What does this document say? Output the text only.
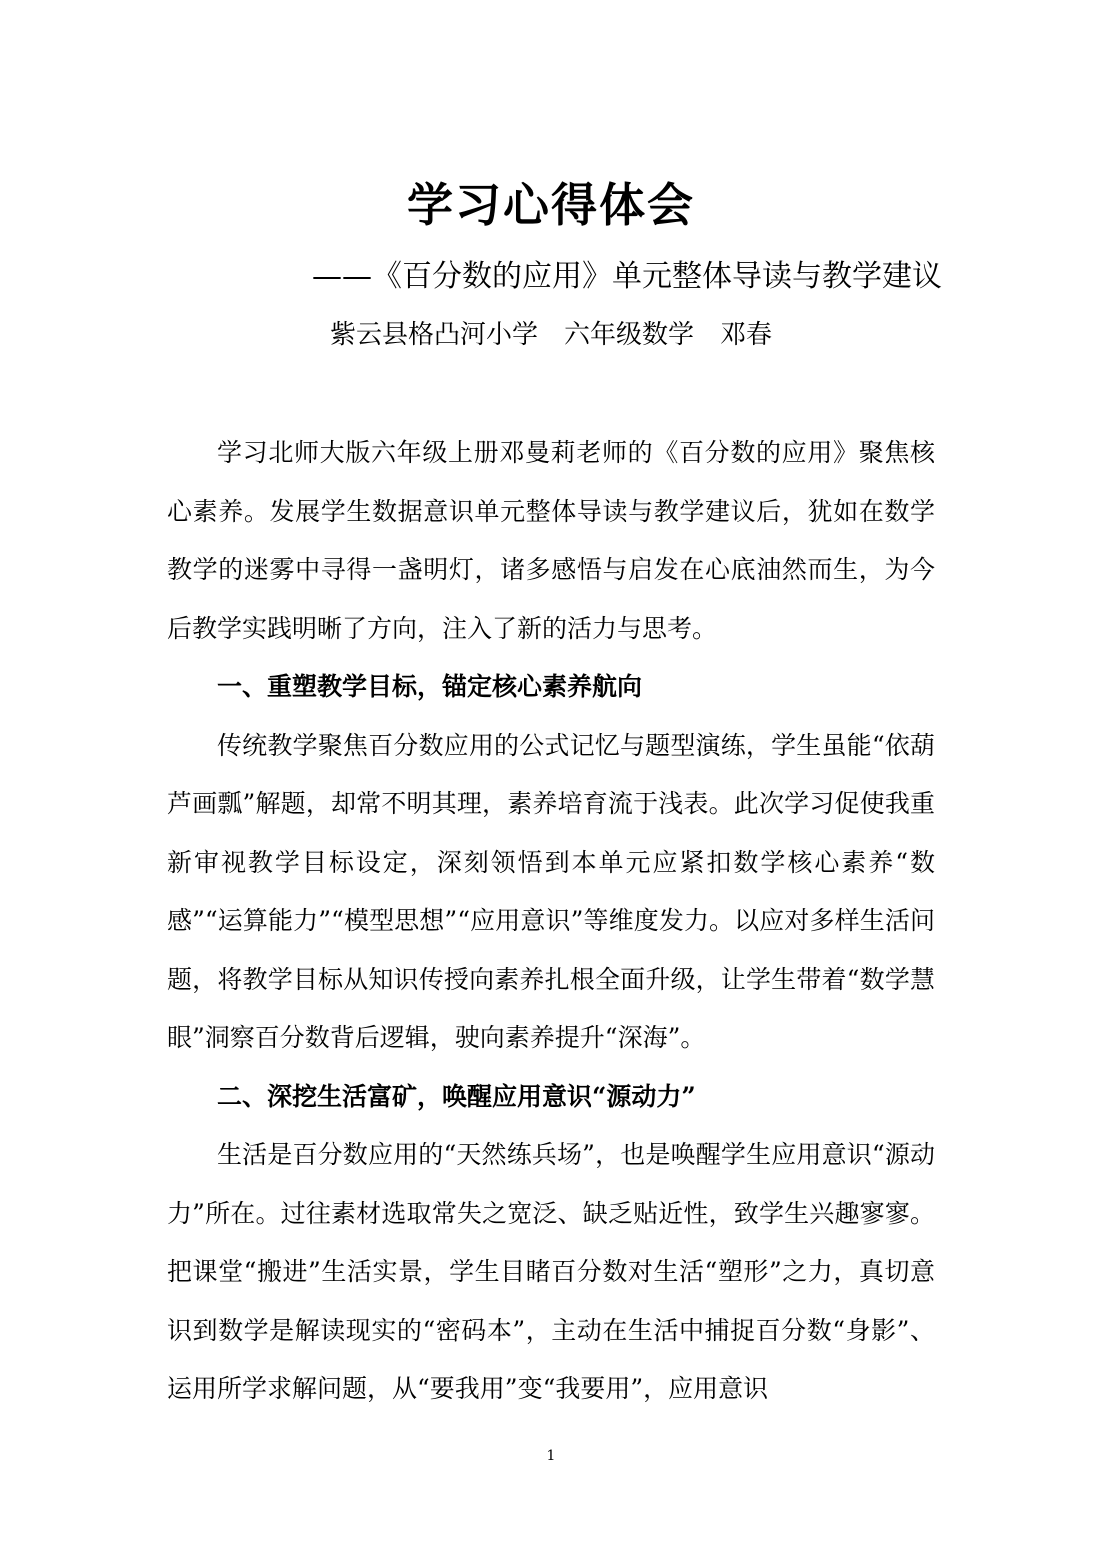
学习心得体会
——《百分数的应用》单元整体导读与教学建议
紫云县格凸河小学　六年级数学　邓春

学习北师大版六年级上册邓曼莉老师的《百分数的应用》聚焦核心素养。发展学生数据意识单元整体导读与教学建议后，犹如在数学教学的迷雾中寻得一盏明灯，诸多感悟与启发在心底油然而生，为今后教学实践明晰了方向，注入了新的活力与思考。

一、重塑教学目标，锚定核心素养航向

传统教学聚焦百分数应用的公式记忆与题型演练，学生虽能“依葫芦画瓢”解题，却常不明其理，素养培育流于浅表。此次学习促使我重新审视教学目标设定，深刻领悟到本单元应紧扣数学核心素养“数感”“运算能力”“模型思想”“应用意识”等维度发力。以应对多样生活问题，将教学目标从知识传授向素养扎根全面升级，让学生带着“数学慧眼”洞察百分数背后逻辑，驶向素养提升“深海”。

二、深挖生活富矿，唤醒应用意识“源动力”

生活是百分数应用的“天然练兵场”，也是唤醒学生应用意识“源动力”所在。过往素材选取常失之宽泛、缺乏贴近性，致学生兴趣寥寥。把课堂“搬进”生活实景，学生目睹百分数对生活“塑形”之力，真切意识到数学是解读现实的“密码本”，主动在生活中捕捉百分数“身影”、运用所学求解问题，从“要我用”变“我要用”，应用意识

1
